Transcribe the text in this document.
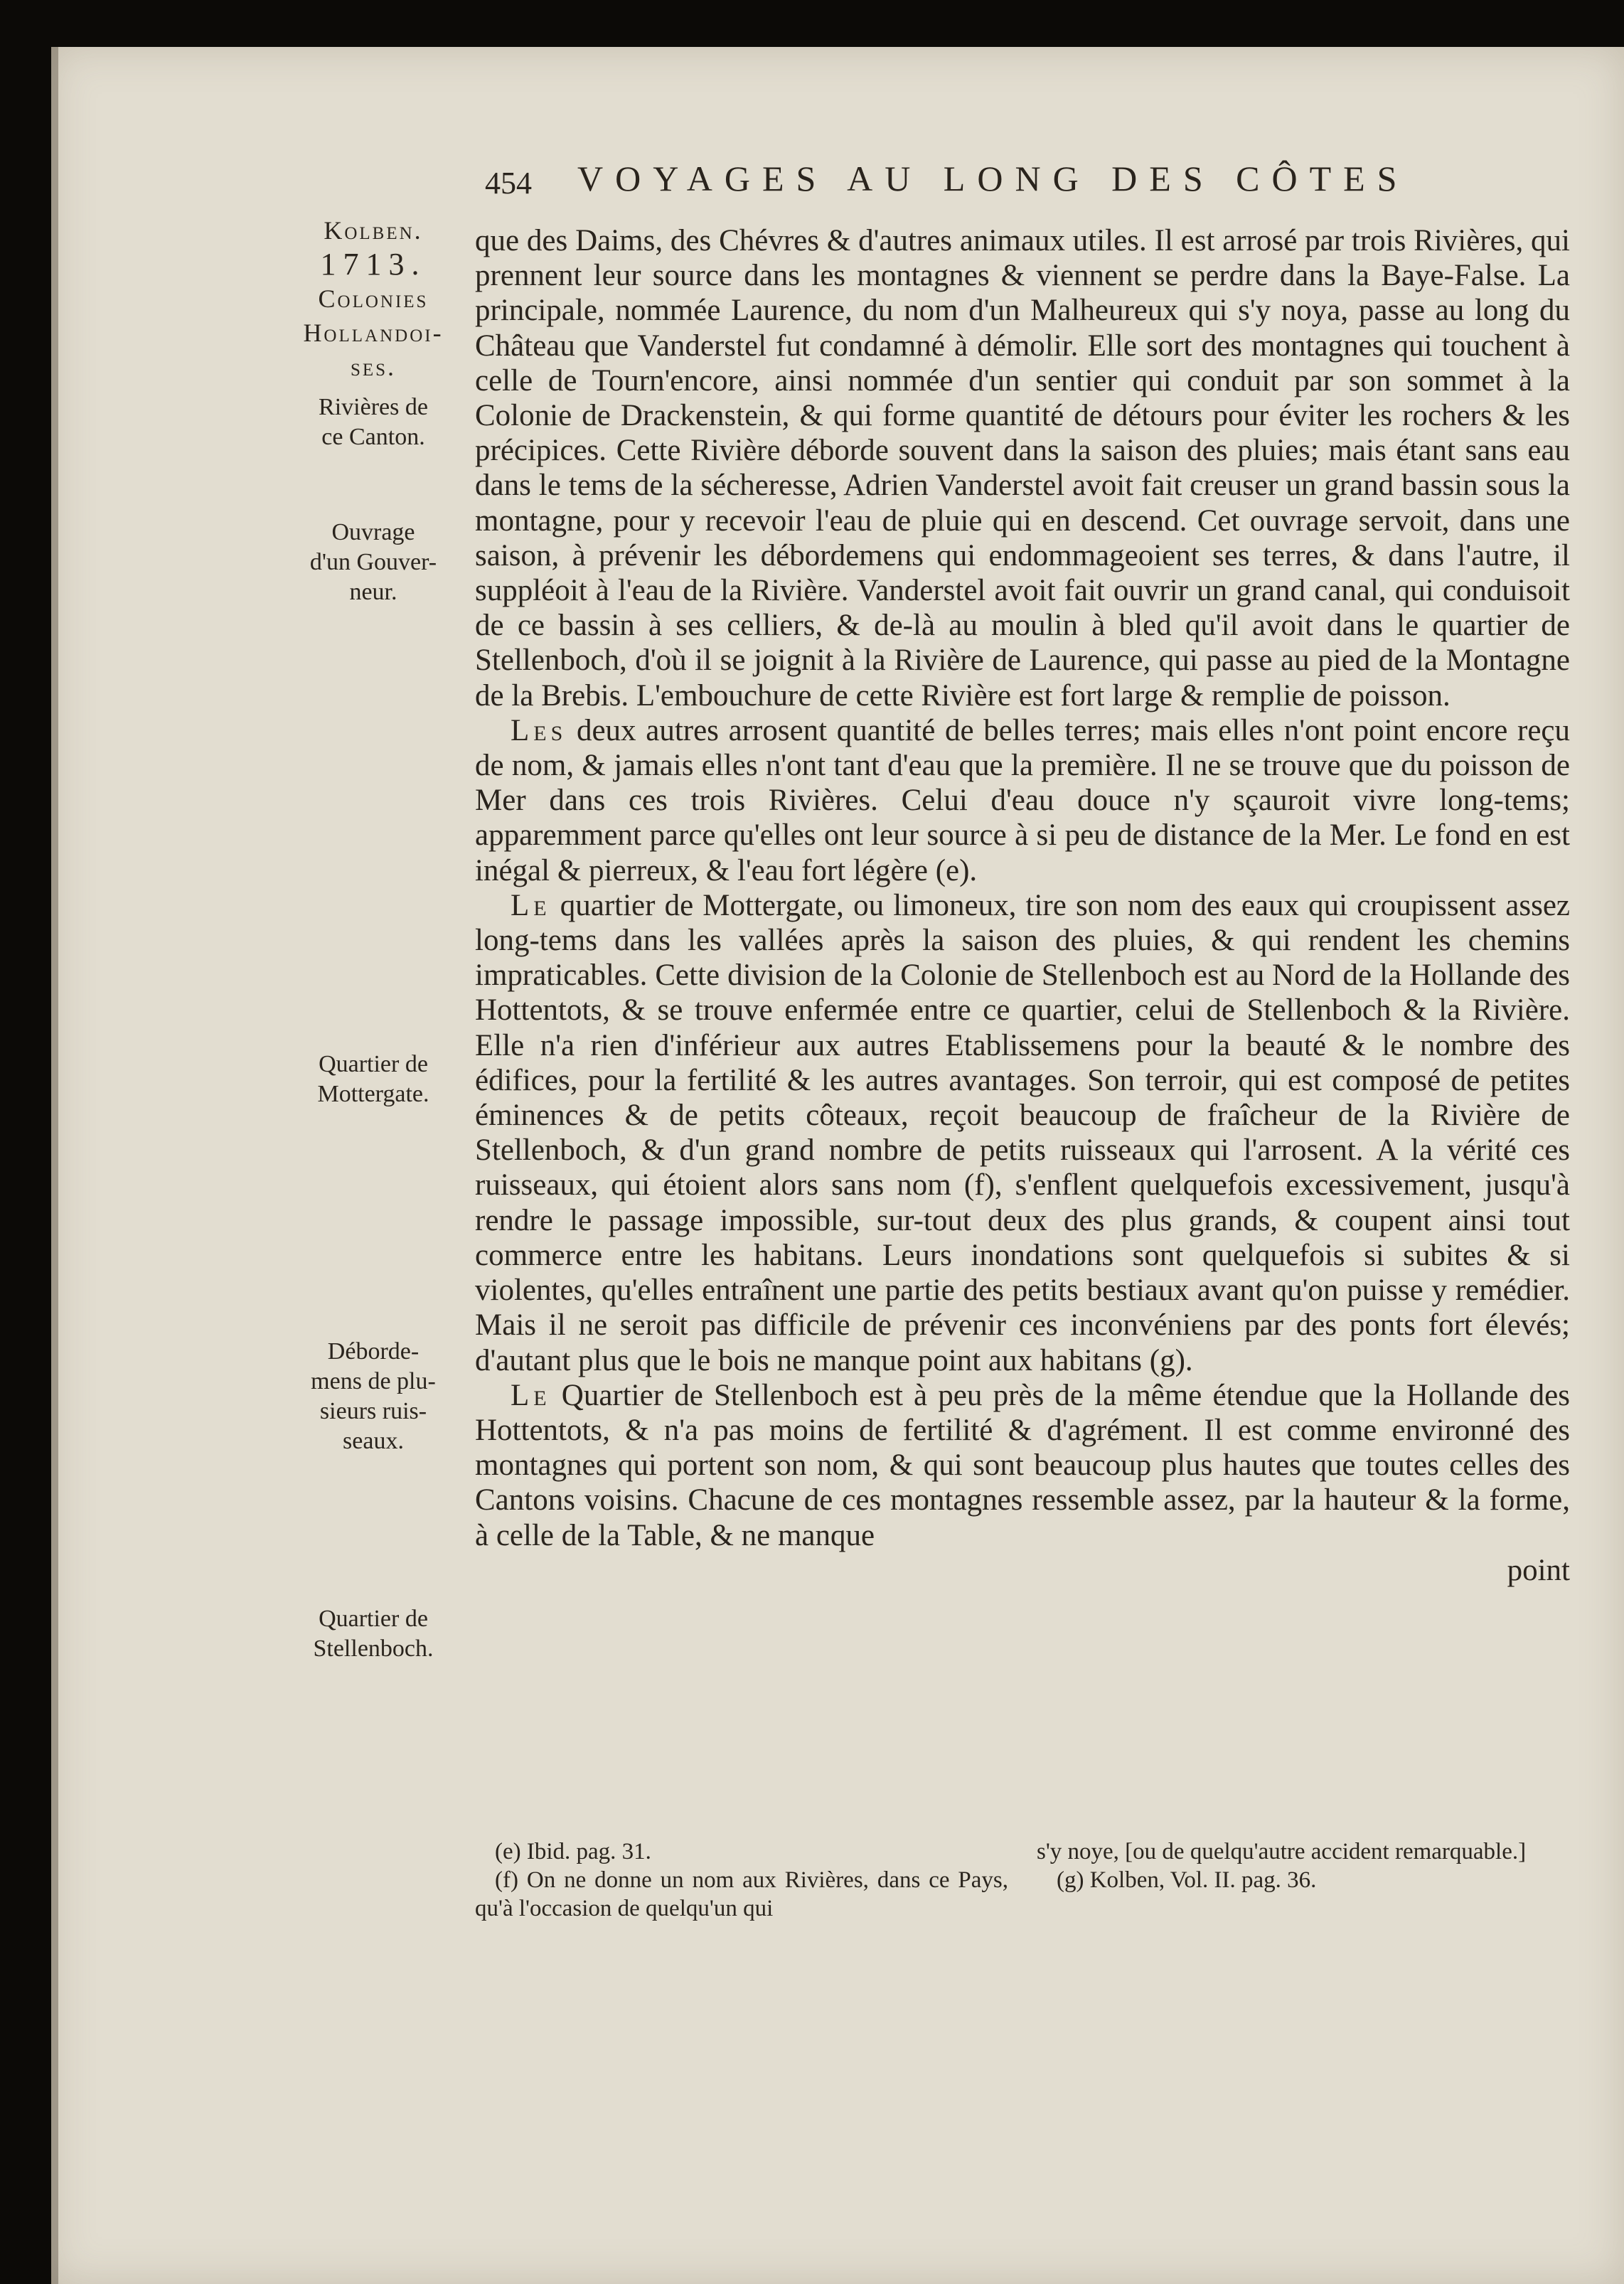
454 VOYAGES AU LONG DES CÔTES
Kolben.
1713.
Colonies
Hollandoi-
ses.
Rivières de
ce Canton.
Ouvrage
d'un Gouver-
neur.
Quartier de
Mottergate.
Débordе-
mens de plu-
sieurs ruis-
seaux.
Quartier de
Stellenboch.

que des Daims, des Chévres & d'autres animaux utiles. Il est arrosé par trois Rivières, qui prennent leur source dans les montagnes & viennent se perdre dans la Baye-False. La principale, nommée Laurence, du nom d'un Malheureux qui s'y noya, passe au long du Château que Vanderstel fut condamné à démolir. Elle sort des montagnes qui touchent à celle de Tourn'encore, ainsi nommée d'un sentier qui conduit par son sommet à la Colonie de Drackenstein, & qui forme quantité de détours pour éviter les rochers & les précipices. Cette Rivière déborde souvent dans la saison des pluies; mais étant sans eau dans le tems de la sécheresse, Adrien Vanderstel avoit fait creuser un grand bassin sous la montagne, pour y recevoir l'eau de pluie qui en descend. Cet ouvrage servoit, dans une saison, à prévenir les débordemens qui endommageoient ses terres, & dans l'autre, il suppléoit à l'eau de la Rivière. Vanderstel avoit fait ouvrir un grand canal, qui conduisoit de ce bassin à ses celliers, & de-là au moulin à bled qu'il avoit dans le quartier de Stellenboch, d'où il se joignit à la Rivière de Laurence, qui passe au pied de la Montagne de la Brebis. L'embouchure de cette Rivière est fort large & remplie de poisson.

Les deux autres arrosent quantité de belles terres; mais elles n'ont point encore reçu de nom, & jamais elles n'ont tant d'eau que la première. Il ne se trouve que du poisson de Mer dans ces trois Rivières. Celui d'eau douce n'y sçauroit vivre long-tems; apparemment parce qu'elles ont leur source à si peu de distance de la Mer. Le fond en est inégal & pierreux, & l'eau fort légère (e).

Le quartier de Mottergate, ou limoneux, tire son nom des eaux qui croupissent assez long-tems dans les vallées après la saison des pluies, & qui rendent les chemins impraticables. Cette division de la Colonie de Stellenboch est au Nord de la Hollande des Hottentots, & se trouve enfermée entre ce quartier, celui de Stellenboch & la Rivière. Elle n'a rien d'inférieur aux autres Etablissemens pour la beauté & le nombre des édifices, pour la fertilité & les autres avantages. Son terroir, qui est composé de petites éminences & de petits côteaux, reçoit beaucoup de fraîcheur de la Rivière de Stellenboch, & d'un grand nombre de petits ruisseaux qui l'arrosent. A la vérité ces ruisseaux, qui étoient alors sans nom (f), s'enflent quelquefois excessivement, jusqu'à rendre le passage impossible, sur-tout deux des plus grands, & coupent ainsi tout commerce entre les habitans. Leurs inondations sont quelquefois si subites & si violentes, qu'elles entraînent une partie des petits bestiaux avant qu'on puisse y remédier. Mais il ne seroit pas difficile de prévenir ces inconvéniens par des ponts fort élevés; d'autant plus que le bois ne manque point aux habitans (g).

Le Quartier de Stellenboch est à peu près de la même étendue que la Hollande des Hottentots, & n'a pas moins de fertilité & d'agrément. Il est comme environné des montagnes qui portent son nom, & qui sont beaucoup plus hautes que toutes celles des Cantons voisins. Chacune de ces montagnes ressemble assez, par la hauteur & la forme, à celle de la Table, & ne manque

point

(e) Ibid. pag. 31.

(f) On ne donne un nom aux Rivières, dans ce Pays, qu'à l'occasion de quelqu'un qui

s'y noye, [ou de quelqu'autre accident remarquable.]

(g) Kolben, Vol. II. pag. 36.
